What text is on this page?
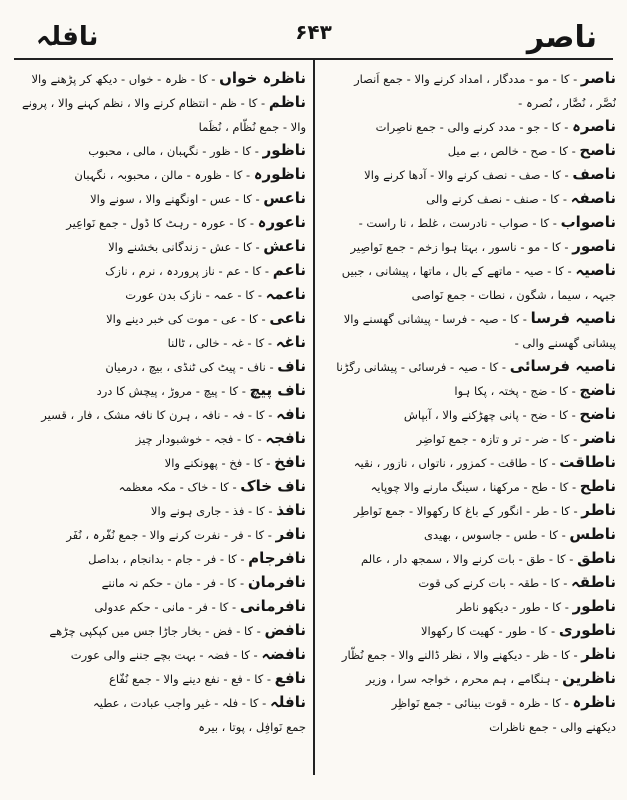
نافلہ	۶۴۳	ناصر
ناصر - کا - مو - مددگار ، امداد کرنے والا - جمع اَنصار
نُصَّر ، نُصَّار ، نُصرہ -
ناصرہ - کا - جو - مدد کرنے والی - جمع ناصِرات
ناصح - کا - صح - خالص ، بے میل
ناصف - کا - صف - نصف کرنے والا - آدھا کرنے والا
ناصفہ - کا - صنف - نصف کرنے والی
ناصواب - کا - صواب - نادرست ، غلط ، نا راست -
ناصور - کا - مو - ناسور ، بہتا ہوا زخم - جمع نَواصِیر
ناصیہ - کا - صیہ - ماتھے کے بال ، ماتھا ، پیشانی ، جبیں
جبہہ ، سیما ، شگون ، نطات - جمع نَواصی
ناصیہ فرسا - کا - صیہ - فرسا - پیشانی گھسنے والا
پیشانی گھسنے والی -
ناصیہ فرسائی - کا - صیہ - فرسائی - پیشانی رگڑنا
ناضج - کا - ضج - پختہ ، پکا ہوا
ناضح - کا - ضح - پانی چھڑکنے والا ، آبپاش
ناضر - کا - ضر - تر و تازہ - جمع نَواضِر
ناطاقت - کا - طاقت - کمزور ، ناتواں ، نازور ، نقیہ
ناطح - کا - طح - مرکھنا ، سینگ مارنے والا چوپایہ
ناطر - کا - طر - انگور کے باغ کا رکھوالا - جمع نَواطِر
ناطس - کا - طس - جاسوس ، بھیدی
ناطق - کا - طق - بات کرنے والا ، سمجھ دار ، عالم
ناطقہ - کا - طقہ - بات کرنے کی قوت
ناطور - کا - طور - دیکھو ناطر
ناطوری - کا - طور - کھیت کا رکھوالا
ناظر - کا - ظر - دیکھنے والا ، نظر ڈالنے والا - جمع نُظّار
ناظرین - ہنگامے ، ہم محرم ، خواجہ سرا ، وزیر
ناظرہ - کا - ظرہ - قوت بینائی - جمع نَواظِر
دیکھنے والی - جمع ناظرات
ناظرہ خواں - کا - ظرہ - خواں - دیکھ کر پڑھنے والا
ناظم - کا - ظم - انتظام کرنے والا ، نظم کہنے والا ، پرونے
والا - جمع نُظّام ، نُظَما
ناظور - کا - ظور - نگہبان ، مالی ، محبوب
ناظورہ - کا - ظورہ - مالن ، محبوبہ ، نگہبان
ناعس - کا - عس - اونگھنے والا ، سونے والا
ناعورہ - کا - عورہ - رہٹ کا ڈول - جمع نَواعِیر
ناعش - کا - عش - زندگانی بخشنے والا
ناعم - کا - عم - ناز پروردہ ، نرم ، نازک
ناعمہ - کا - عمہ - نازک بدن عورت
ناعی - کا - عی - موت کی خبر دینے والا
ناغہ - کا - غہ - خالی ، ٹالنا
ناف - ناف - پیٹ کی ٹنڈی ، بیچ ، درمیان
ناف پیچ - کا - پیچ - مروڑ ، پیچش کا درد
نافہ - کا - فہ - نافہ ، ہرن کا نافہ مشک ، فار ، قسیر
نافجہ - کا - فجہ - خوشبودار چیز
نافخ - کا - فخ - پھونکنے والا
ناف خاک - کا - خاک - مکہ معظمہ
نافذ - کا - فذ - جاری ہونے والا
نافر - کا - فر - نفرت کرنے والا - جمع نُفّرہ ، نُفَر
نافرجام - کا - فر - جام - بدانجام ، بداصل
نافرمان - کا - فر - مان - حکم نہ ماننے
نافرمانی - کا - فر - مانی - حکم عدولی
نافض - کا - فض - بخار جاڑا جس میں کپکپی چڑھے
نافضہ - کا - فضہ - بہت بچے جننے والی عورت
نافع - کا - فع - نفع دینے والا - جمع نُفّاع
نافلہ - کا - فلہ - غیر واجب عبادت ، عطیہ
جمع نَوافِل ، پوتا ، بیرہ
